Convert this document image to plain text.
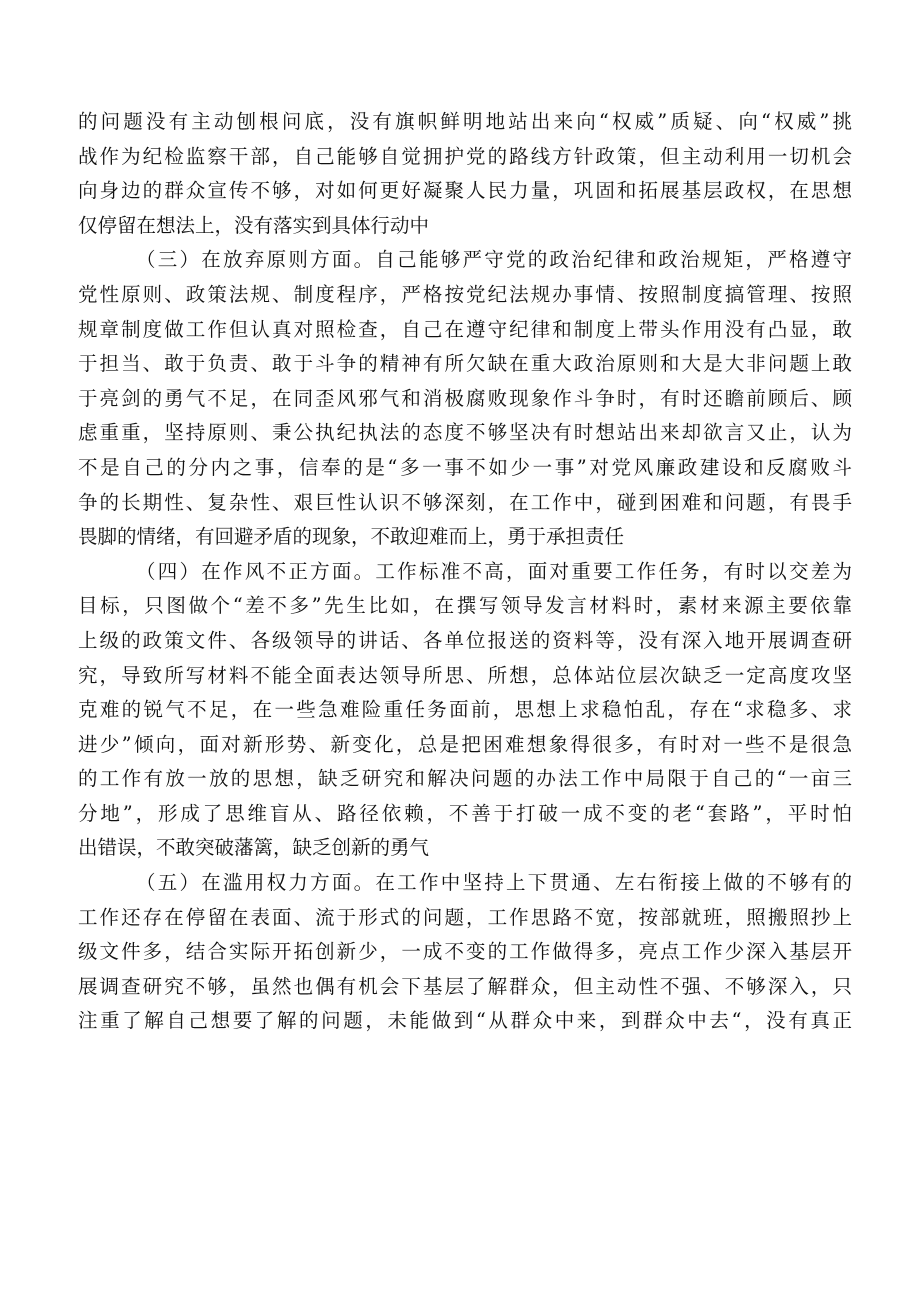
的问题没有主动刨根问底，没有旗帜鲜明地站出来向“权威”质疑、向“权威”挑
战作为纪检监察干部，自己能够自觉拥护党的路线方针政策，但主动利用一切机会
向身边的群众宣传不够，对如何更好凝聚人民力量，巩固和拓展基层政权，在思想
仅停留在想法上，没有落实到具体行动中
（三）在放弃原则方面。自己能够严守党的政治纪律和政治规矩，严格遵守
党性原则、政策法规、制度程序，严格按党纪法规办事情、按照制度搞管理、按照
规章制度做工作但认真对照检查，自己在遵守纪律和制度上带头作用没有凸显，敢
于担当、敢于负责、敢于斗争的精神有所欠缺在重大政治原则和大是大非问题上敢
于亮剑的勇气不足，在同歪风邪气和消极腐败现象作斗争时，有时还瞻前顾后、顾
虑重重，坚持原则、秉公执纪执法的态度不够坚决有时想站出来却欲言又止，认为
不是自己的分内之事，信奉的是“多一事不如少一事”对党风廉政建设和反腐败斗
争的长期性、复杂性、艰巨性认识不够深刻，在工作中，碰到困难和问题，有畏手
畏脚的情绪，有回避矛盾的现象，不敢迎难而上，勇于承担责任
（四）在作风不正方面。工作标准不高，面对重要工作任务，有时以交差为
目标，只图做个“差不多”先生比如，在撰写领导发言材料时，素材来源主要依靠
上级的政策文件、各级领导的讲话、各单位报送的资料等，没有深入地开展调查研
究，导致所写材料不能全面表达领导所思、所想，总体站位层次缺乏一定高度攻坚
克难的锐气不足，在一些急难险重任务面前，思想上求稳怕乱，存在“求稳多、求
进少”倾向，面对新形势、新变化，总是把困难想象得很多，有时对一些不是很急
的工作有放一放的思想，缺乏研究和解决问题的办法工作中局限于自己的“一亩三
分地”，形成了思维盲从、路径依赖，不善于打破一成不变的老“套路”，平时怕
出错误，不敢突破藩篱，缺乏创新的勇气
（五）在滥用权力方面。在工作中坚持上下贯通、左右衔接上做的不够有的
工作还存在停留在表面、流于形式的问题，工作思路不宽，按部就班，照搬照抄上
级文件多，结合实际开拓创新少，一成不变的工作做得多，亮点工作少深入基层开
展调查研究不够，虽然也偶有机会下基层了解群众，但主动性不强、不够深入，只
注重了解自己想要了解的问题，未能做到“从群众中来，到群众中去“，没有真正
